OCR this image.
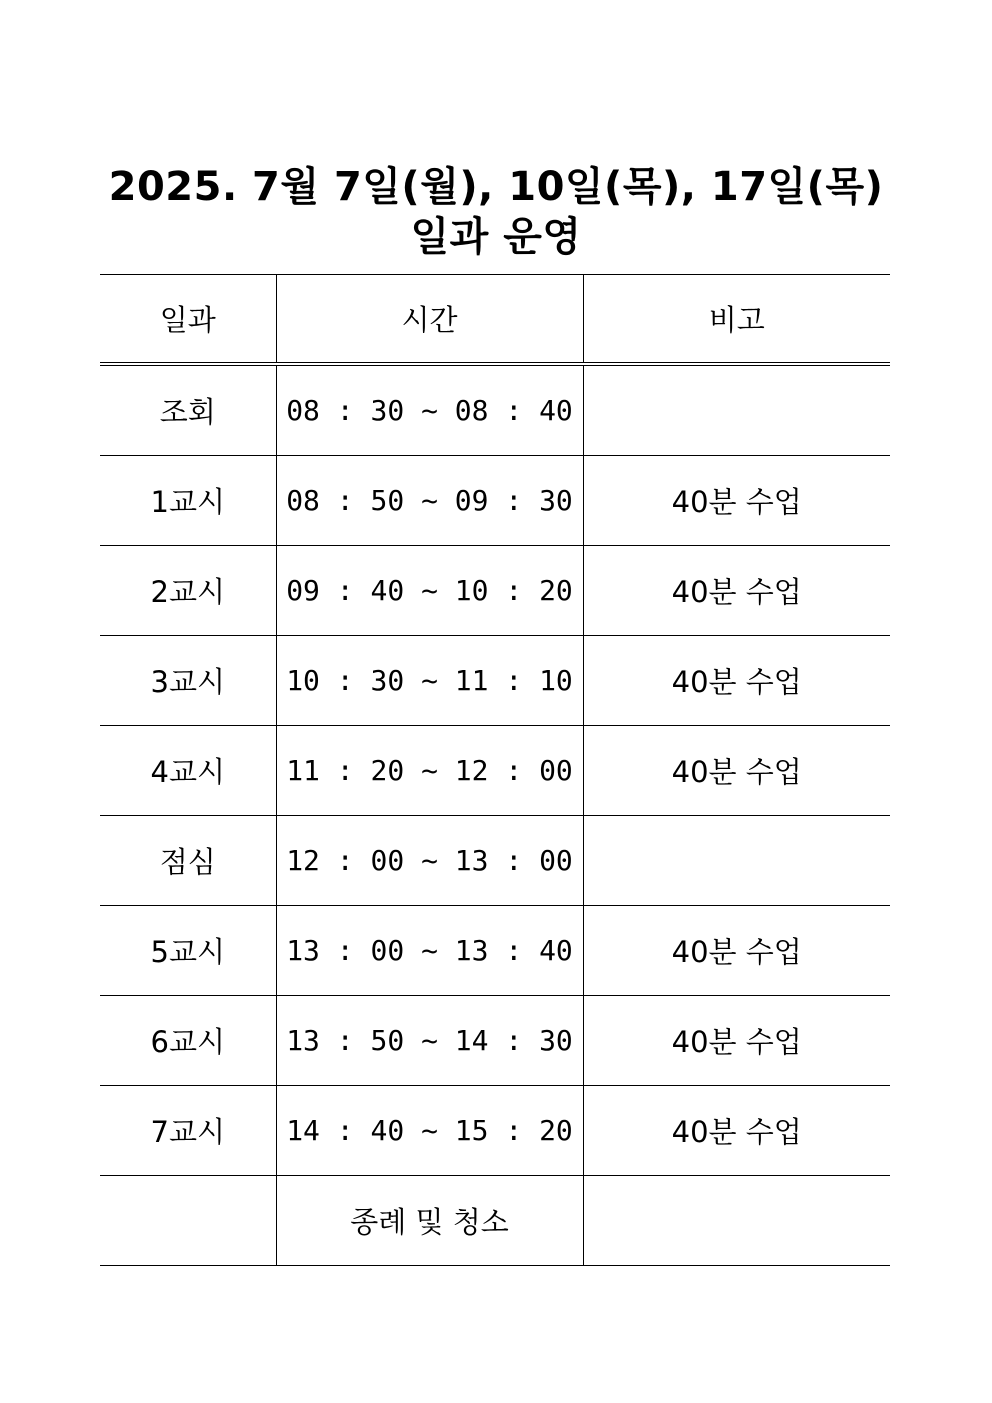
2025. 7월 7일(월), 10일(목), 17일(목)
일과 운영
일과	시간	비고
조회	08 : 30 ~ 08 : 40	
1교시	08 : 50 ~ 09 : 30	40분 수업
2교시	09 : 40 ~ 10 : 20	40분 수업
3교시	10 : 30 ~ 11 : 10	40분 수업
4교시	11 : 20 ~ 12 : 00	40분 수업
점심	12 : 00 ~ 13 : 00	
5교시	13 : 00 ~ 13 : 40	40분 수업
6교시	13 : 50 ~ 14 : 30	40분 수업
7교시	14 : 40 ~ 15 : 20	40분 수업
	종례 및 청소	
